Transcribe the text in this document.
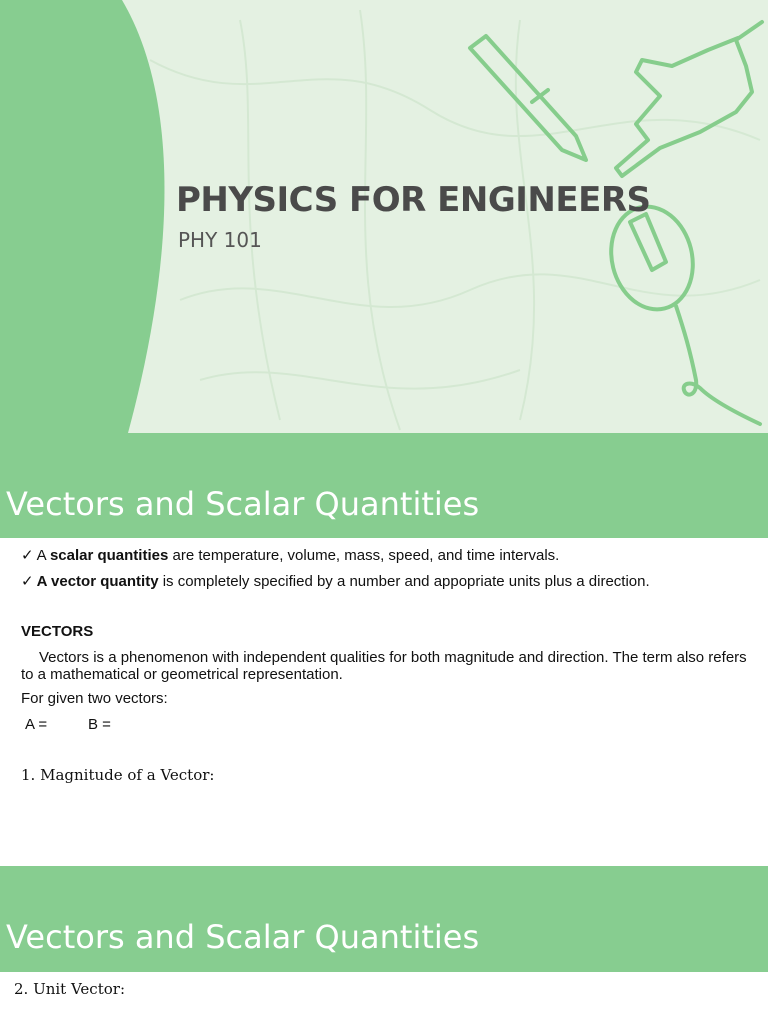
PHYSICS FOR ENGINEERS
PHY 101
Vectors and Scalar Quantities
✓ A scalar quantities are temperature, volume, mass, speed, and time intervals.
✓ A vector quantity is completely specified by a number and appopriate units plus a direction.
VECTORS
Vectors is a phenomenon with independent qualities for both magnitude and direction. The term also refers to a mathematical or geometrical representation.
For given two vectors:
A =	B =
1. Magnitude of a Vector:
Vectors and Scalar Quantities
2. Unit Vector:
